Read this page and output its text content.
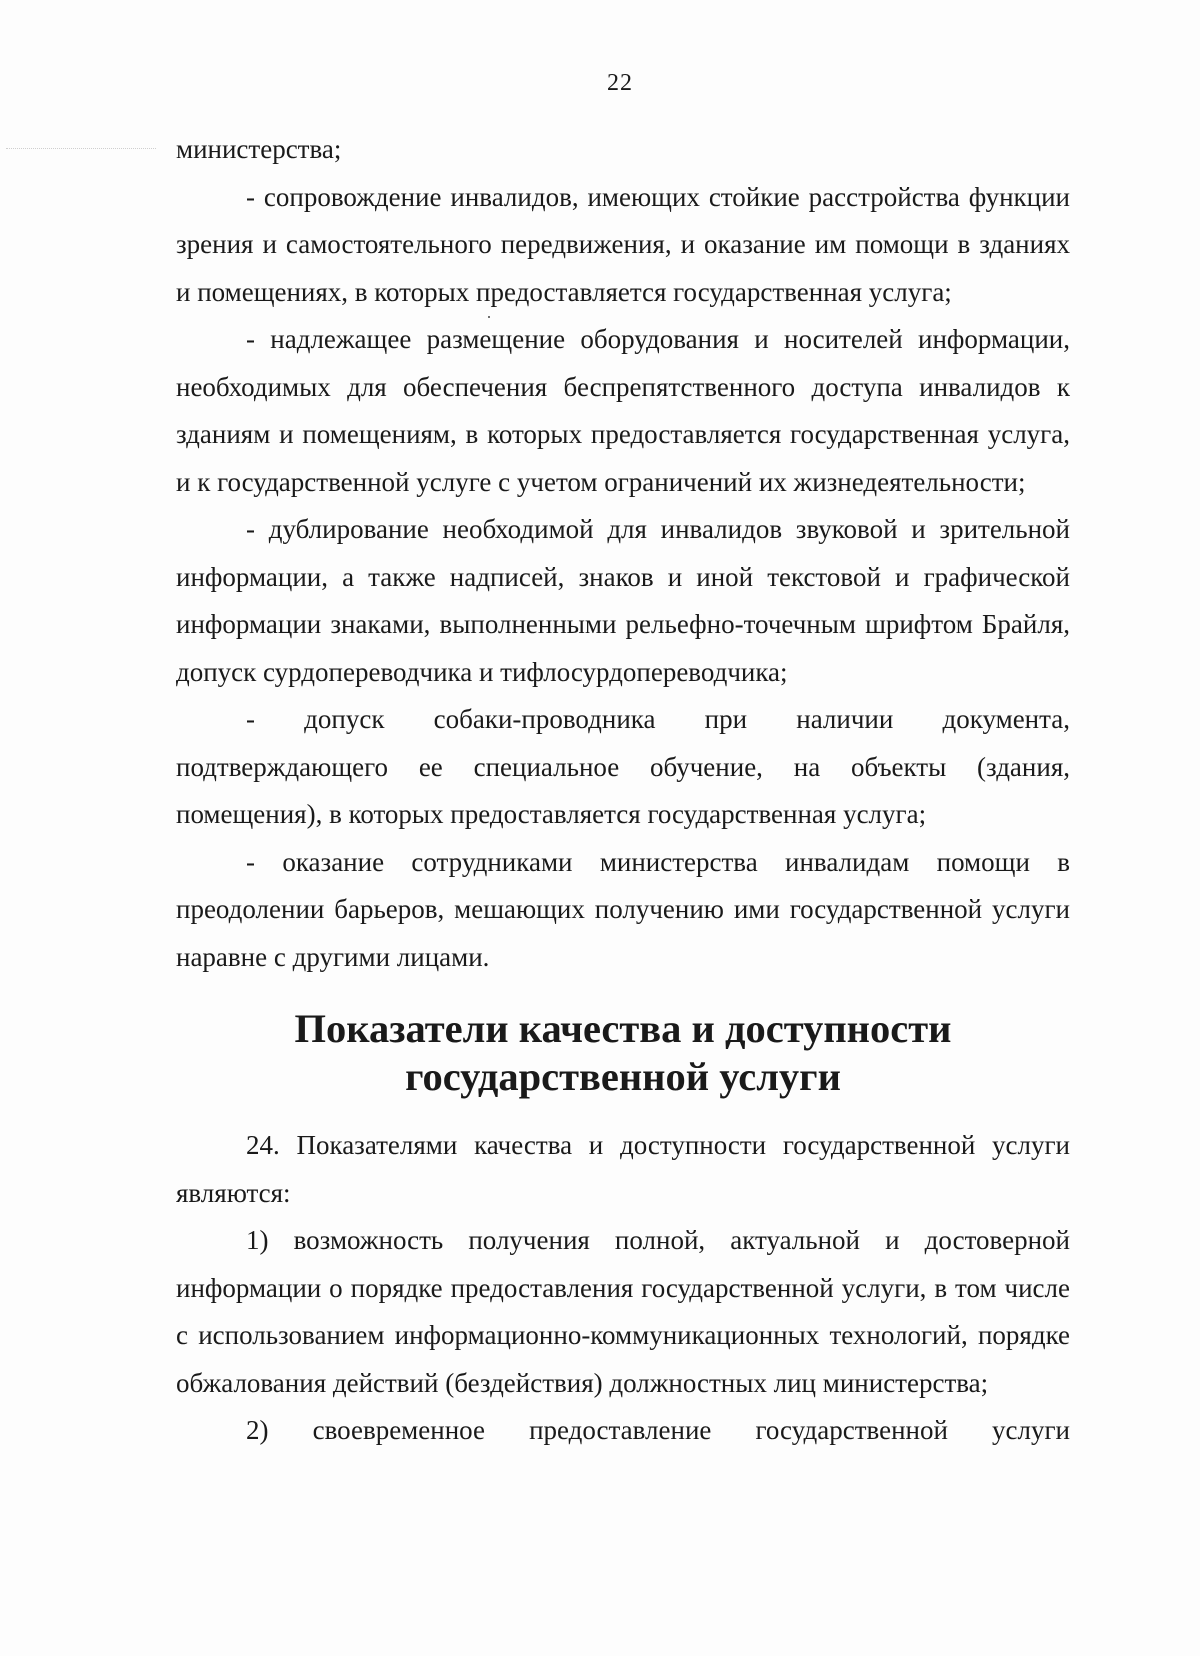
22

министерства;

- сопровождение инвалидов, имеющих стойкие расстройства функции зрения и самостоятельного передвижения, и оказание им помощи в зданиях и помещениях, в которых предоставляется государственная услуга;

- надлежащее размещение оборудования и носителей информации, необходимых для обеспечения беспрепятственного доступа инвалидов к зданиям и помещениям, в которых предоставляется государственная услуга, и к государственной услуге с учетом ограничений их жизнедеятельности;

- дублирование необходимой для инвалидов звуковой и зрительной информации, а также надписей, знаков и иной текстовой и графической информации знаками, выполненными рельефно-точечным шрифтом Брайля, допуск сурдопереводчика и тифлосурдопереводчика;

- допуск собаки-проводника при наличии документа, подтверждающего ее специальное обучение, на объекты (здания, помещения), в которых предоставляется государственная услуга;

- оказание сотрудниками министерства инвалидам помощи в преодолении барьеров, мешающих получению ими государственной услуги наравне с другими лицами.

Показатели качества и доступности государственной услуги

24. Показателями качества и доступности государственной услуги являются:

1) возможность получения полной, актуальной и достоверной информации о порядке предоставления государственной услуги, в том числе с использованием информационно-коммуникационных технологий, порядке обжалования действий (бездействия) должностных лиц министерства;

2) своевременное предоставление государственной услуги
